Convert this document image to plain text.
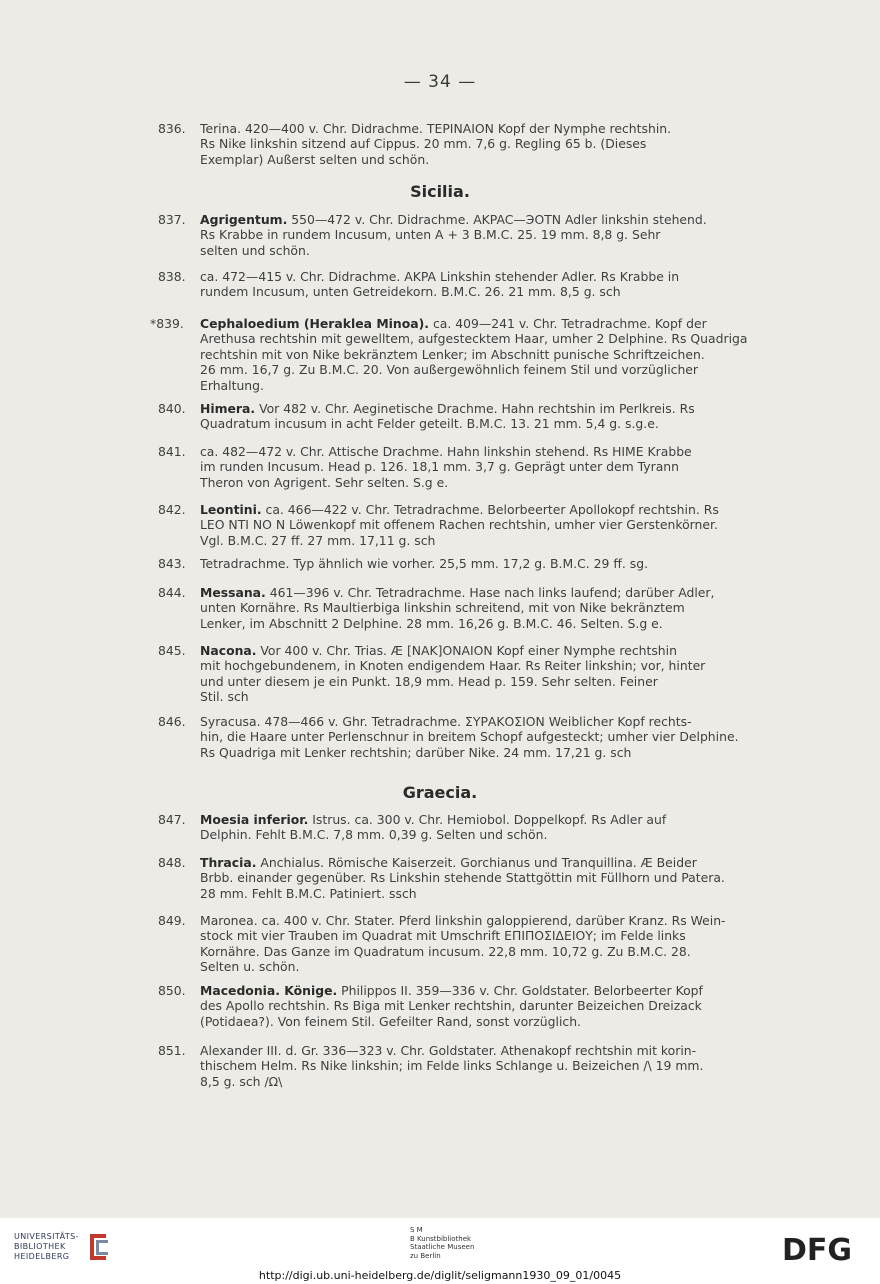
— 34 —
836.	Terina. 420—400 v. Chr. Didrachme. TEPINAION Kopf der Nymphe rechtshin.
Rs Nike linkshin sitzend auf Cippus. 20 mm. 7,6 g. Regling 65 b. (Dieses
Exemplar) Außerst selten und schön.
Sicilia.
837.	Agrigentum. 550—472 v. Chr. Didrachme. AKPAC—ЭОTN Adler linkshin stehend.
Rs Krabbe in rundem Incusum, unten A + 3 B.M.C. 25. 19 mm. 8,8 g. Sehr
selten und schön.
838.	ca. 472—415 v. Chr. Didrachme. AKPA Linkshin stehender Adler. Rs Krabbe in
rundem Incusum, unten Getreidekorn. B.M.C. 26. 21 mm. 8,5 g. sch
*839.	Cephaloedium (Heraklea Minoa). ca. 409—241 v. Chr. Tetradrachme. Kopf der
Arethusa rechtshin mit gewelltem, aufgestecktem Haar, umher 2 Delphine. Rs Quadriga
rechtshin mit von Nike bekränztem Lenker; im Abschnitt punische Schriftzeichen.
26 mm. 16,7 g. Zu B.M.C. 20. Von außergewöhnlich feinem Stil und vorzüglicher
Erhaltung.
840.	Himera. Vor 482 v. Chr. Aeginetische Drachme. Hahn rechtshin im Perlkreis. Rs
Quadratum incusum in acht Felder geteilt. B.M.C. 13. 21 mm. 5,4 g. s.g.e.
841.	ca. 482—472 v. Chr. Attische Drachme. Hahn linkshin stehend. Rs HIME Krabbe
im runden Incusum. Head p. 126. 18,1 mm. 3,7 g. Geprägt unter dem Tyrann
Theron von Agrigent. Sehr selten. S.g e.
842.	Leontini. ca. 466—422 v. Chr. Tetradrachme. Belorbeerter Apollokopf rechtshin. Rs
LEO NTI NO N Löwenkopf mit offenem Rachen rechtshin, umher vier Gerstenkörner.
Vgl. B.M.C. 27 ff. 27 mm. 17,11 g. sch
843.	Tetradrachme. Typ ähnlich wie vorher. 25,5 mm. 17,2 g. B.M.C. 29 ff. sg.
844.	Messana. 461—396 v. Chr. Tetradrachme. Hase nach links laufend; darüber Adler,
unten Kornähre. Rs Maultierbiga linkshin schreitend, mit von Nike bekränztem
Lenker, im Abschnitt 2 Delphine. 28 mm. 16,26 g. B.M.C. 46. Selten. S.g e.
845.	Nacona. Vor 400 v. Chr. Trias. Æ [NAK]ONAION Kopf einer Nymphe rechtshin
mit hochgebundenem, in Knoten endigendem Haar. Rs Reiter linkshin; vor, hinter
und unter diesem je ein Punkt. 18,9 mm. Head p. 159. Sehr selten. Feiner
Stil. sch
846.	Syracusa. 478—466 v. Ghr. Tetradrachme. ΣΥΡΑΚΟΣΙΟΝ Weiblicher Kopf rechts-
hin, die Haare unter Perlenschnur in breitem Schopf aufgesteckt; umher vier Delphine.
Rs Quadriga mit Lenker rechtshin; darüber Nike. 24 mm. 17,21 g. sch
Graecia.
847.	Moesia inferior. Istrus. ca. 300 v. Chr. Hemiobol. Doppelkopf. Rs Adler auf
Delphin. Fehlt B.M.C. 7,8 mm. 0,39 g. Selten und schön.
848.	Thracia. Anchialus. Römische Kaiserzeit. Gorchianus und Tranquillina. Æ Beider
Brbb. einander gegenüber. Rs Linkshin stehende Stattgöttin mit Füllhorn und Patera.
28 mm. Fehlt B.M.C. Patiniert. ssch
849.	Maronea. ca. 400 v. Chr. Stater. Pferd linkshin galoppierend, darüber Kranz. Rs Wein-
stock mit vier Trauben im Quadrat mit Umschrift ΕΠΙΠΟΣΙΔΕΙΟΥ; im Felde links
Kornähre. Das Ganze im Quadratum incusum. 22,8 mm. 10,72 g. Zu B.M.C. 28.
Selten u. schön.
850.	Macedonia. Könige. Philippos II. 359—336 v. Chr. Goldstater. Belorbeerter Kopf
des Apollo rechtshin. Rs Biga mit Lenker rechtshin, darunter Beizeichen Dreizack
(Potidaea?). Von feinem Stil. Gefeilter Rand, sonst vorzüglich.
851.	Alexander III. d. Gr. 336—323 v. Chr. Goldstater. Athenakopf rechtshin mit korin-
thischem Helm. Rs Nike linkshin; im Felde links Schlange u. Beizeichen /\ 19 mm.
8,5 g. sch /Ω\
UNIVERSITÄTS-
BIBLIOTHEK
HEIDELBERG
S M
B Kunstbibliothek
Staatliche Museen
zu Berlin	DFG
http://digi.ub.uni-heidelberg.de/diglit/seligmann1930_09_01/0045
